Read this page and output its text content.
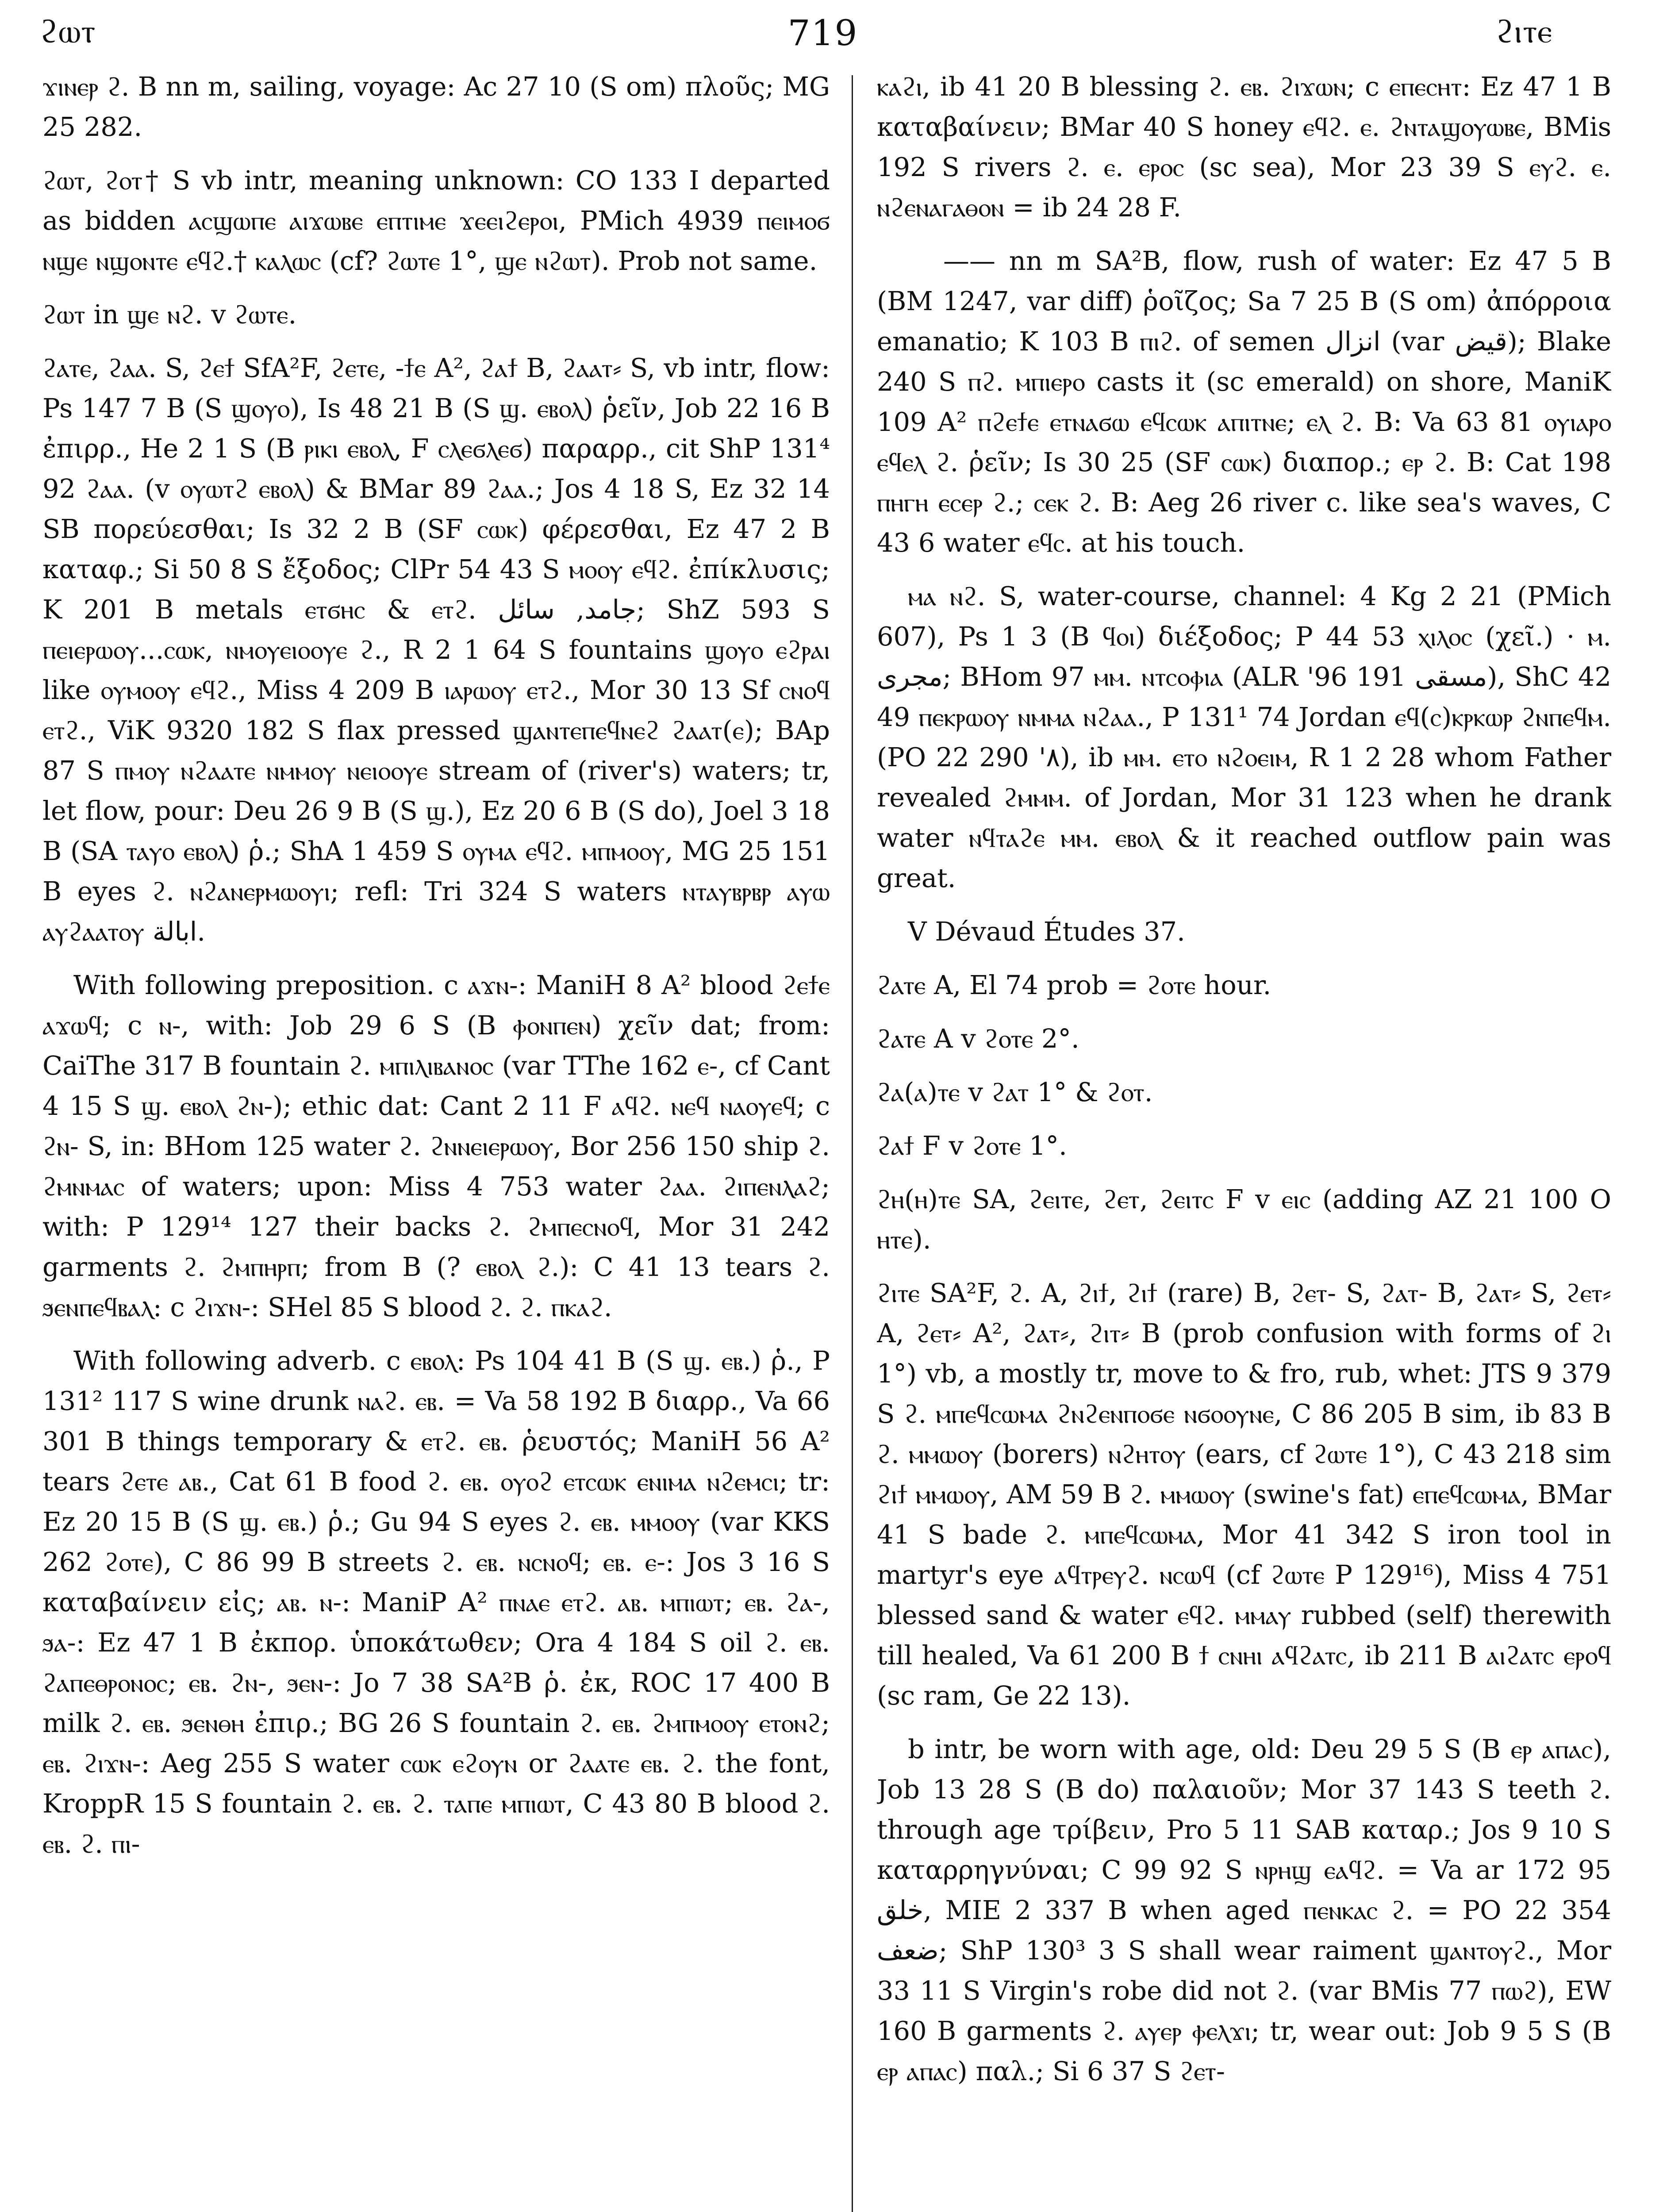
719
ϩⲱⲧ	ϩⲓⲧⲉ

ϫⲓⲛⲉⲣ ϩ. B nn m, sailing, voyage: Ac 27 10 (S om) πλοῦς; MG 25 282.

ϩⲱⲧ, ϩⲟⲧ† S vb intr, meaning unknown: CO 133 I departed as bidden ⲁⲥϣⲱⲡⲉ ⲁⲓϫⲱⲃⲉ ⲉⲡⲧⲓⲙⲉ ϫⲉⲉⲓϩⲉⲣⲟⲓ, PMich 4939 ⲡⲉⲓⲙⲟϭ ⲛϣⲉ ⲛϣⲟⲛⲧⲉ ⲉϥϩ.† ⲕⲁⲗⲱⲥ (cf? ϩⲱⲧⲉ 1°, ϣⲉ ⲛϩⲱⲧ). Prob not same.

ϩⲱⲧ in ϣⲉ ⲛϩ. v ϩⲱⲧⲉ.

ϩⲁⲧⲉ, ϩⲁⲁ. S, ϩⲉϯ SfA²F, ϩⲉⲧⲉ, -ϯⲉ A², ϩⲁϯ B, ϩⲁⲁⲧ⸗ S, vb intr, flow: Ps 147 7 B (S ϣⲟⲩⲟ), Is 48 21 B (S ϣ. ⲉⲃⲟⲗ) ῥεῖν, Job 22 16 B ἐπιρρ., He 2 1 S (B ⲣⲓⲕⲓ ⲉⲃⲟⲗ, F ⲥⲗⲉϭⲗⲉϭ) παραρρ., cit ShP 131⁴ 92 ϩⲁⲁ. (v ⲟⲩⲱⲧϩ ⲉⲃⲟⲗ) & BMar 89 ϩⲁⲁ.; Jos 4 18 S, Ez 32 14 SB πορεύεσθαι; Is 32 2 B (SF ⲥⲱⲕ) φέρεσθαι, Ez 47 2 B καταφ.; Si 50 8 S ἔξοδος; ClPr 54 43 S ⲙⲟⲟⲩ ⲉϥϩ. ἐπίκλυσις; K 201 B metals ⲉⲧϭⲏⲥ & ⲉⲧϩ. جامد, سائل; ShZ 593 S ⲡⲉⲓⲉⲣⲱⲟⲩ...ⲥⲱⲕ, ⲛⲙⲟⲩⲉⲓⲟⲟⲩⲉ ϩ., R 2 1 64 S fountains ϣⲟⲩⲟ ⲉϩⲣⲁⲓ like ⲟⲩⲙⲟⲟⲩ ⲉϥϩ., Miss 4 209 B ⲓⲁⲣⲱⲟⲩ ⲉⲧϩ., Mor 30 13 Sf ⲥⲛⲟϥ ⲉⲧϩ., ViK 9320 182 S flax pressed ϣⲁⲛⲧⲉⲡⲉϥⲛⲉϩ ϩⲁⲁⲧ(ⲉ); BAp 87 S ⲡⲙⲟⲩ ⲛϩⲁⲁⲧⲉ ⲛⲙⲙⲟⲩ ⲛⲉⲓⲟⲟⲩⲉ stream of (river's) waters; tr, let flow, pour: Deu 26 9 B (S ϣ.), Ez 20 6 B (S do), Joel 3 18 B (SA ⲧⲁⲩⲟ ⲉⲃⲟⲗ) ῥ.; ShA 1 459 S ⲟⲩⲙⲁ ⲉϥϩ. ⲙⲡⲙⲟⲟⲩ, MG 25 151 B eyes ϩ. ⲛϩⲁⲛⲉⲣⲙⲱⲟⲩⲓ; refl: Tri 324 S waters ⲛⲧⲁⲩⲃⲣⲃⲣ ⲁⲩⲱ ⲁⲩϩⲁⲁⲧⲟⲩ ابالة.

With following preposition. c ⲁϫⲛ-: ManiH 8 A² blood ϩⲉϯⲉ ⲁϫⲱϥ; c ⲛ-, with: Job 29 6 S (B ⲫⲟⲛⲡⲉⲛ) χεῖν dat; from: CaiThe 317 B fountain ϩ. ⲙⲡⲓⲗⲓⲃⲁⲛⲟⲥ (var TThe 162 ⲉ-, cf Cant 4 15 S ϣ. ⲉⲃⲟⲗ ϩⲛ-); ethic dat: Cant 2 11 F ⲁϥϩ. ⲛⲉϥ ⲛⲁⲟⲩⲉϥ; c ϩⲛ- S, in: BHom 125 water ϩ. ϩⲛⲛⲉⲓⲉⲣⲱⲟⲩ, Bor 256 150 ship ϩ. ϩⲙⲛⲙⲁⲥ of waters; upon: Miss 4 753 water ϩⲁⲁ. ϩⲓⲡⲉⲛⲗⲁϩ; with: P 129¹⁴ 127 their backs ϩ. ϩⲙⲡⲉⲥⲛⲟϥ, Mor 31 242 garments ϩ. ϩⲙⲡⲏⲣⲡ; from B (? ⲉⲃⲟⲗ ϩ.): C 41 13 tears ϩ. ϧⲉⲛⲡⲉϥⲃⲁⲗ: c ϩⲓϫⲛ-: SHel 85 S blood ϩ. ϩ. ⲡⲕⲁϩ.

With following adverb. c ⲉⲃⲟⲗ: Ps 104 41 B (S ϣ. ⲉⲃ.) ῥ., P 131² 117 S wine drunk ⲛⲁϩ. ⲉⲃ. = Va 58 192 B διαρρ., Va 66 301 B things temporary & ⲉⲧϩ. ⲉⲃ. ῥευστός; ManiH 56 A² tears ϩⲉⲧⲉ ⲁⲃ., Cat 61 B food ϩ. ⲉⲃ. ⲟⲩⲟϩ ⲉⲧⲥⲱⲕ ⲉⲛⲓⲙⲁ ⲛϩⲉⲙⲥⲓ; tr: Ez 20 15 B (S ϣ. ⲉⲃ.) ῥ.; Gu 94 S eyes ϩ. ⲉⲃ. ⲙⲙⲟⲟⲩ (var KKS 262 ϩⲟⲧⲉ), C 86 99 B streets ϩ. ⲉⲃ. ⲛⲥⲛⲟϥ; ⲉⲃ. ⲉ-: Jos 3 16 S καταβαίνειν εἰς; ⲁⲃ. ⲛ-: ManiP A² ⲡⲛⲁⲉ ⲉⲧϩ. ⲁⲃ. ⲙⲡⲓⲱⲧ; ⲉⲃ. ϩⲁ-, ϧⲁ-: Ez 47 1 B ἐκπορ. ὑποκάτωθεν; Ora 4 184 S oil ϩ. ⲉⲃ. ϩⲁⲡⲉⲑⲣⲟⲛⲟⲥ; ⲉⲃ. ϩⲛ-, ϧⲉⲛ-: Jo 7 38 SA²B ῥ. ἐκ, ROC 17 400 B milk ϩ. ⲉⲃ. ϧⲉⲛⲑⲏ ἐπιρ.; BG 26 S fountain ϩ. ⲉⲃ. ϩⲙⲡⲙⲟⲟⲩ ⲉⲧⲟⲛϩ; ⲉⲃ. ϩⲓϫⲛ-: Aeg 255 S water ⲥⲱⲕ ⲉϩⲟⲩⲛ or ϩⲁⲁⲧⲉ ⲉⲃ. ϩ. the font, KroppR 15 S fountain ϩ. ⲉⲃ. ϩ. ⲧⲁⲡⲉ ⲙⲡⲓⲱⲧ, C 43 80 B blood ϩ. ⲉⲃ. ϩ. ⲡⲓ-

ⲕⲁϩⲓ, ib 41 20 B blessing ϩ. ⲉⲃ. ϩⲓϫⲱⲛ; c ⲉⲡⲉⲥⲏⲧ: Ez 47 1 B καταβαίνειν; BMar 40 S honey ⲉϥϩ. ⲉ. ϩⲛⲧⲁϣⲟⲩⲱⲃⲉ, BMis 192 S rivers ϩ. ⲉ. ⲉⲣⲟⲥ (sc sea), Mor 23 39 S ⲉⲩϩ. ⲉ. ⲛϩⲉⲛⲁⲅⲁⲑⲟⲛ = ib 24 28 F.

—— nn m SA²B, flow, rush of water: Ez 47 5 B (BM 1247, var diff) ῥοῖζος; Sa 7 25 B (S om) ἀπόρροια emanatio; K 103 B ⲡⲓϩ. of semen انزال (var قيض); Blake 240 S ⲡϩ. ⲙⲡⲓⲉⲣⲟ casts it (sc emerald) on shore, ManiK 109 A² ⲡϩⲉϯⲉ ⲉⲧⲛⲁϭⲱ ⲉϥⲥⲱⲕ ⲁⲡⲓⲧⲛⲉ; ⲉⲗ ϩ. B: Va 63 81 ⲟⲩⲓⲁⲣⲟ ⲉϥⲉⲗ ϩ. ῥεῖν; Is 30 25 (SF ⲥⲱⲕ) διαπορ.; ⲉⲣ ϩ. B: Cat 198 ⲡⲏⲅⲏ ⲉⲥⲉⲣ ϩ.; ⲥⲉⲕ ϩ. B: Aeg 26 river c. like sea's waves, C 43 6 water ⲉϥⲥ. at his touch.

ⲙⲁ ⲛϩ. S, water-course, channel: 4 Kg 2 21 (PMich 607), Ps 1 3 (B ϥⲟⲓ) διέξοδος; P 44 53 ⲭⲓⲗⲟⲥ (χεῖ.) · ⲙ. مجری; BHom 97 ⲙⲙ. ⲛⲧⲥⲟⲫⲓⲁ (ALR '96 191 مسقى), ShC 42 49 ⲡⲉⲕⲣⲱⲟⲩ ⲛⲙⲙⲁ ⲛϩⲁⲁ., P 131¹ 74 Jordan ⲉϥ(ⲥ)ⲕⲣⲕⲱⲣ ϩⲛⲡⲉϥⲙ. (PO 22 290 '۸), ib ⲙⲙ. ⲉⲧⲟ ⲛϩⲟⲉⲓⲙ, R 1 2 28 whom Father revealed ϩⲙⲙⲙ. of Jordan, Mor 31 123 when he drank water ⲛϥⲧⲁϩⲉ ⲙⲙ. ⲉⲃⲟⲗ & it reached outflow pain was great.

V Dévaud Études 37.

ϩⲁⲧⲉ A, El 74 prob = ϩⲟⲧⲉ hour.

ϩⲁⲧⲉ A v ϩⲟⲧⲉ 2°.

ϩⲁ(ⲁ)ⲧⲉ v ϩⲁⲧ 1° & ϩⲟⲧ.

ϩⲁϯ F v ϩⲟⲧⲉ 1°.

ϩⲏ(ⲏ)ⲧⲉ SA, ϩⲉⲓⲧⲉ, ϩⲉⲧ, ϩⲉⲓⲧⲥ F v ⲉⲓⲥ (adding AZ 21 100 O ⲏⲧⲉ).

ϩⲓⲧⲉ SA²F, ϩ. A, ϩⲓϯ, ϩⲓϯ (rare) B, ϩⲉⲧ- S, ϩⲁⲧ- B, ϩⲁⲧ⸗ S, ϩⲉⲧ⸗ A, ϩⲉⲧ⸗ A², ϩⲁⲧ⸗, ϩⲓⲧ⸗ B (prob confusion with forms of ϩⲓ 1°) vb, a mostly tr, move to & fro, rub, whet: JTS 9 379 S ϩ. ⲙⲡⲉϥⲥⲱⲙⲁ ϩⲛϩⲉⲛⲡⲟϭⲉ ⲛϭⲟⲟⲩⲛⲉ, C 86 205 B sim, ib 83 B ϩ. ⲙⲙⲱⲟⲩ (borers) ⲛϩⲏⲧⲟⲩ (ears, cf ϩⲱⲧⲉ 1°), C 43 218 sim ϩⲓϯ ⲙⲙⲱⲟⲩ, AM 59 B ϩ. ⲙⲙⲱⲟⲩ (swine's fat) ⲉⲡⲉϥⲥⲱⲙⲁ, BMar 41 S bade ϩ. ⲙⲡⲉϥⲥⲱⲙⲁ, Mor 41 342 S iron tool in martyr's eye ⲁϥⲧⲣⲉⲩϩ. ⲛⲥⲱϥ (cf ϩⲱⲧⲉ P 129¹⁶), Miss 4 751 blessed sand & water ⲉϥϩ. ⲙⲙⲁⲩ rubbed (self) therewith till healed, Va 61 200 B ϯ ⲥⲛⲏⲓ ⲁϥϩⲁⲧⲥ, ib 211 B ⲁⲓϩⲁⲧⲥ ⲉⲣⲟϥ (sc ram, Ge 22 13).

b intr, be worn with age, old: Deu 29 5 S (B ⲉⲣ ⲁⲡⲁⲥ), Job 13 28 S (B do) παλαιοῦν; Mor 37 143 S teeth ϩ. through age τρίβειν, Pro 5 11 SAB καταρ.; Jos 9 10 S καταρρηγνύναι; C 99 92 S ⲛⲣⲏϣ ⲉⲁϥϩ. = Va ar 172 95 خلق, MIE 2 337 B when aged ⲡⲉⲛⲕⲁⲥ ϩ. = PO 22 354 ضعف; ShP 130³ 3 S shall wear raiment ϣⲁⲛⲧⲟⲩϩ., Mor 33 11 S Virgin's robe did not ϩ. (var BMis 77 ⲡⲱϩ), EW 160 B garments ϩ. ⲁⲩⲉⲣ ⲫⲉⲗϫⲓ; tr, wear out: Job 9 5 S (B ⲉⲣ ⲁⲡⲁⲥ) παλ.; Si 6 37 S ϩⲉⲧ-
